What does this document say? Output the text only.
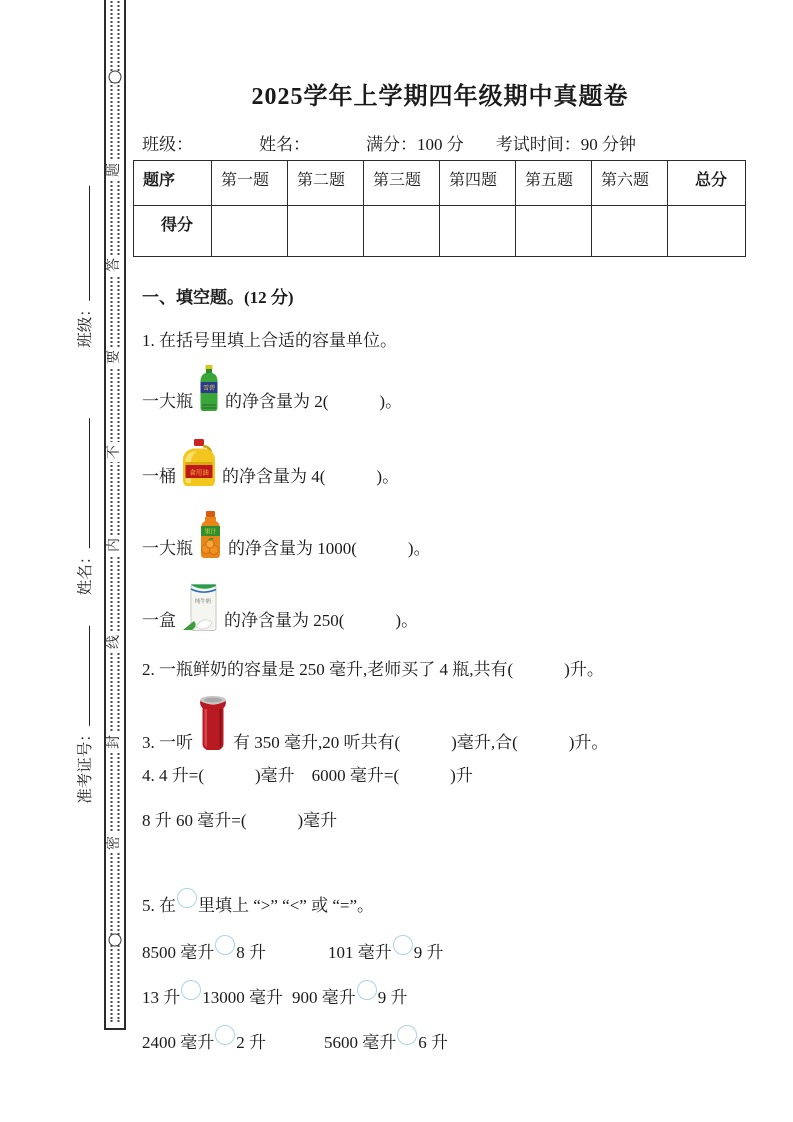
题
答
要
不
内
线
封
密
班级：
姓名：
准考证号：
2025学年上学期四年级期中真题卷
班级：	姓名：	满分：100 分 考试时间：90 分钟
题序	第一题	第二题	第三题	第四题	第五题	第六题	总分
得分							
一、填空题。(12 分)
1. 在括号里填上合适的容量单位。
一大瓶
雪碧
的净含量为 2(　　　)。
一桶 食用油 的净含量为 4(　　　)。
一大瓶
果汁
的净含量为 1000(　　　)。
一盒
纯牛奶
的净含量为 250(　　　)。
2. 一瓶鲜奶的容量是 250 毫升,老师买了 4 瓶,共有(　　　)升。
3. 一听 有 350 毫升,20 听共有(　　　)毫升,合(　　　)升。
4. 4 升=(　　　)毫升　6000 毫升=(　　　)升
8 升 60 毫升=(　　　)毫升
5. 在 里填上 “>” “<” 或 “=”。
8500 毫升 8 升	101 毫升 9 升
13 升 13000 毫升 900 毫升 9 升
2400 毫升 2 升	5600 毫升 6 升
